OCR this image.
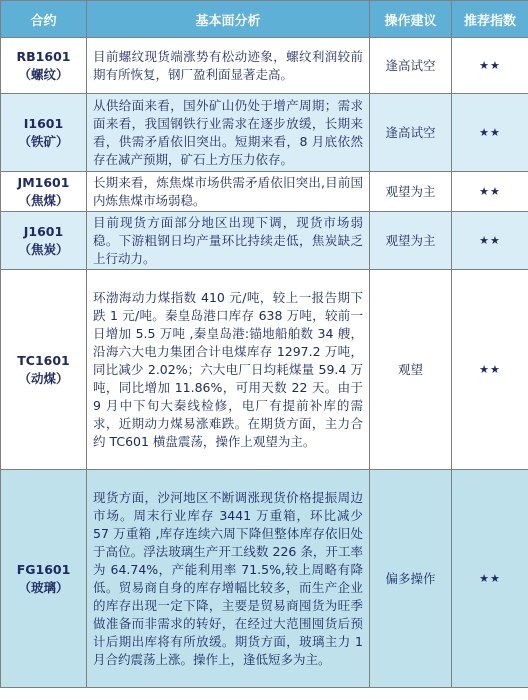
合约	基本面分析	操作建议	推荐指数

RB1601
（螺纹）	目前螺纹现货端涨势有松动迹象，螺纹利润较前期有所恢复，钢厂盈利面显著走高。	逢高试空	★★

I1601
（铁矿）	从供给面来看，国外矿山仍处于增产周期；需求面来看，我国钢铁行业需求在逐步放缓，长期来看，供需矛盾依旧突出。短期来看，8 月底依然存在减产预期，矿石上方压力依存。	逢高试空	★★

JM1601
（焦煤）	长期来看，炼焦煤市场供需矛盾依旧突出,目前国内炼焦煤市场弱稳。	观望为主	★★

J1601
（焦炭）	目前现货方面部分地区出现下调，现货市场弱稳。下游粗钢日均产量环比持续走低，焦炭缺乏上行动力。	观望为主	★★

TC1601
（动煤）	环渤海动力煤指数 410 元/吨，较上一报告期下跌 1 元/吨。秦皇岛港口库存 638 万吨，较前一日增加 5.5 万吨 ,秦皇岛港:锚地船舶数 34 艘，沿海六大电力集团合计电煤库存 1297.2 万吨，同比减少 2.02%；六大电厂日均耗煤量 59.4 万吨，同比增加 11.86%，可用天数 22 天。由于 9 月中下旬大秦线检修，电厂有提前补库的需求，近期动力煤易涨难跌。在期货方面，主力合约 TC601 横盘震荡，操作上观望为主。	观望	★★

FG1601
（玻璃）	现货方面，沙河地区不断调涨现货价格提振周边市场。周末行业库存 3441 万重箱，环比减少 57 万重箱 ,库存连续六周下降但整体库存依旧处于高位。浮法玻璃生产开工线数 226 条，开工率为 64.74%，产能利用率 71.5%,较上周略有降低。贸易商自身的库存增幅比较多，而生产企业的库存出现一定下降，主要是贸易商囤货为旺季做准备而非需求的转好，在经过大范围囤货后预计后期出库将有所放缓。期货方面，玻璃主力 1 月合约震荡上涨。操作上，逢低短多为主。	偏多操作	★★
